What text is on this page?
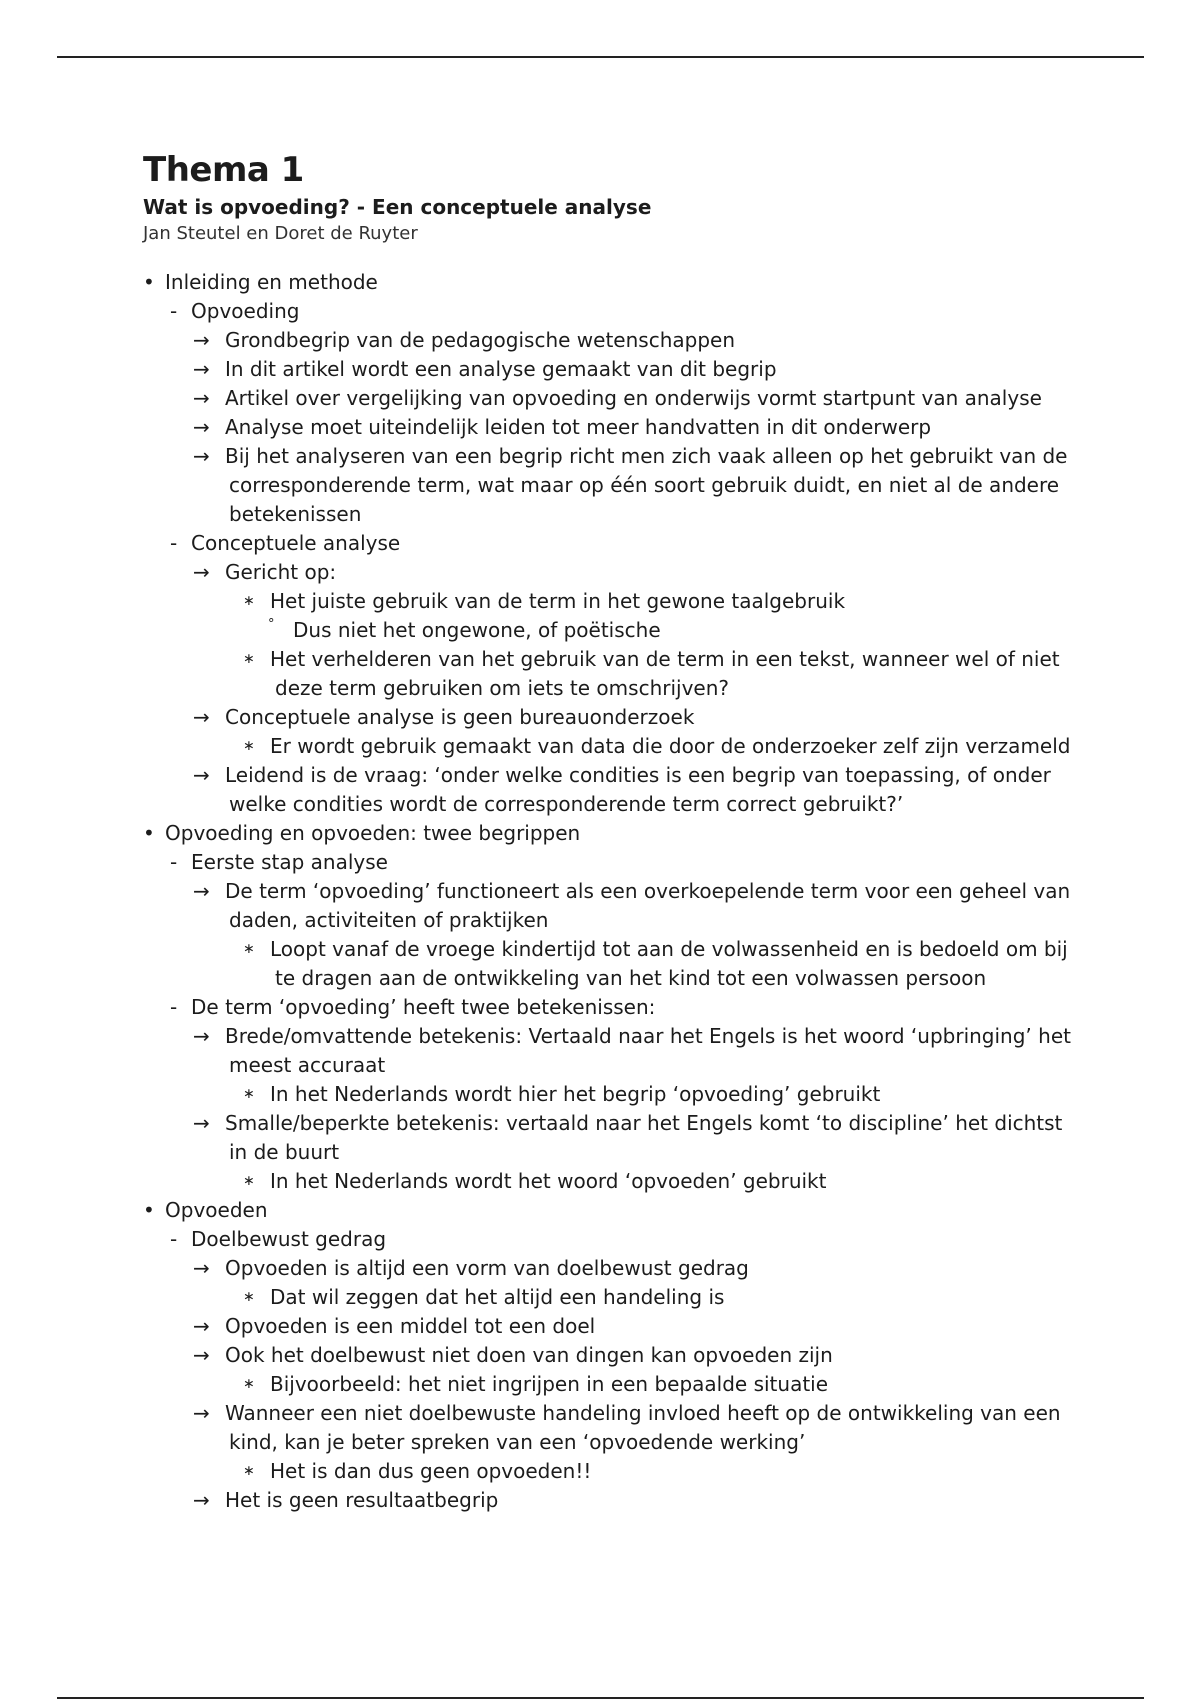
Thema 1
Wat is opvoeding? - Een conceptuele analyse
Jan Steutel en Doret de Ruyter
• Inleiding en methode
- Opvoeding
→ Grondbegrip van de pedagogische wetenschappen
→ In dit artikel wordt een analyse gemaakt van dit begrip
→ Artikel over vergelijking van opvoeding en onderwijs vormt startpunt van analyse
→ Analyse moet uiteindelijk leiden tot meer handvatten in dit onderwerp
→ Bij het analyseren van een begrip richt men zich vaak alleen op het gebruikt van de
corresponderende term, wat maar op één soort gebruik duidt, en niet al de andere
betekenissen
- Conceptuele analyse
→ Gericht op:
∗ Het juiste gebruik van de term in het gewone taalgebruik
° Dus niet het ongewone, of poëtische
∗ Het verhelderen van het gebruik van de term in een tekst, wanneer wel of niet
deze term gebruiken om iets te omschrijven?
→ Conceptuele analyse is geen bureauonderzoek
∗ Er wordt gebruik gemaakt van data die door de onderzoeker zelf zijn verzameld
→ Leidend is de vraag: ‘onder welke condities is een begrip van toepassing, of onder
welke condities wordt de corresponderende term correct gebruikt?’
• Opvoeding en opvoeden: twee begrippen
- Eerste stap analyse
→ De term ‘opvoeding’ functioneert als een overkoepelende term voor een geheel van
daden, activiteiten of praktijken
∗ Loopt vanaf de vroege kindertijd tot aan de volwassenheid en is bedoeld om bij
te dragen aan de ontwikkeling van het kind tot een volwassen persoon
- De term ‘opvoeding’ heeft twee betekenissen:
→ Brede/omvattende betekenis: Vertaald naar het Engels is het woord ‘upbringing’ het
meest accuraat
∗ In het Nederlands wordt hier het begrip ‘opvoeding’ gebruikt
→ Smalle/beperkte betekenis: vertaald naar het Engels komt ‘to discipline’ het dichtst
in de buurt
∗ In het Nederlands wordt het woord ‘opvoeden’ gebruikt
• Opvoeden
- Doelbewust gedrag
→ Opvoeden is altijd een vorm van doelbewust gedrag
∗ Dat wil zeggen dat het altijd een handeling is
→ Opvoeden is een middel tot een doel
→ Ook het doelbewust niet doen van dingen kan opvoeden zijn
∗ Bijvoorbeeld: het niet ingrijpen in een bepaalde situatie
→ Wanneer een niet doelbewuste handeling invloed heeft op de ontwikkeling van een
kind, kan je beter spreken van een ‘opvoedende werking’
∗ Het is dan dus geen opvoeden!!
→ Het is geen resultaatbegrip
